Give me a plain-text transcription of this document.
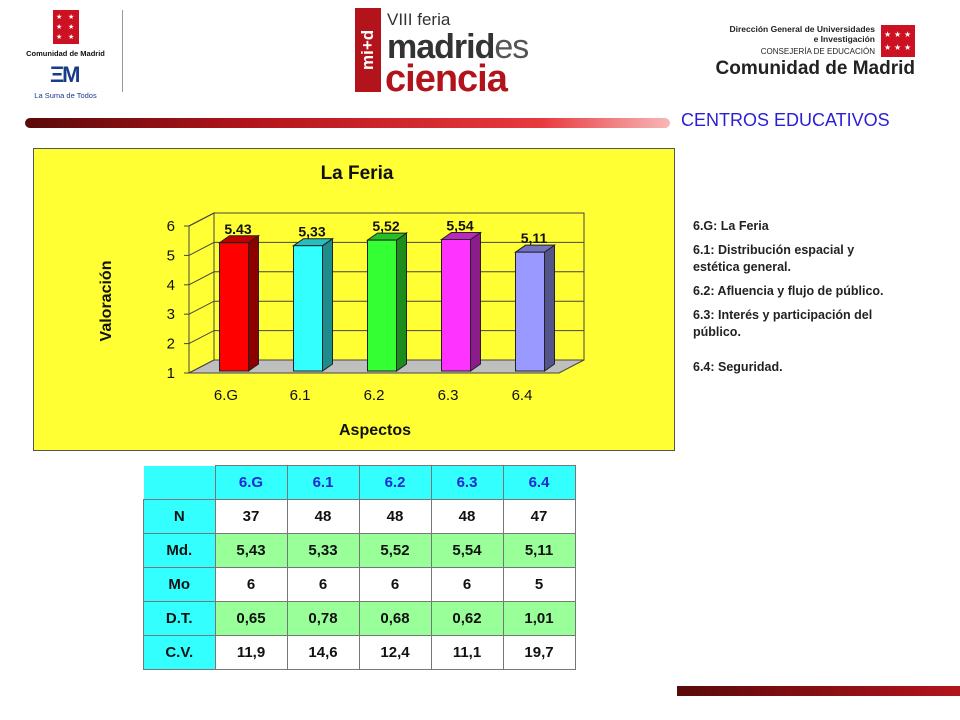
★ ★
★ ★
★ ★
Comunidad de Madrid
ΞM
La Suma de Todos
mi+d
VIII feria
madrides
ciencia
Dirección General de Universidades
e Investigación
CONSEJERÍA DE EDUCACIÓN
★ ★ ★
★ ★ ★
Comunidad de Madrid
CENTROS EDUCATIVOS
1
2
3
4
5
6	5.43
6.G
5,33
6.1
5,52
6.2
5,54
6.3
5,11
6.4
La Feria
Aspectos
Valoración
6.G: La Feria
6.1: Distribución espacial y estética general.
6.2: Afluencia y flujo de público.
6.3: Interés y participación del público.
6.4: Seguridad.
	6.G	6.1	6.2	6.3	6.4
N	37	48	48	48	47
Md.	5,43	5,33	5,52	5,54	5,11
Mo	6	6	6	6	5
D.T.	0,65	0,78	0,68	0,62	1,01
C.V.	11,9	14,6	12,4	11,1	19,7
